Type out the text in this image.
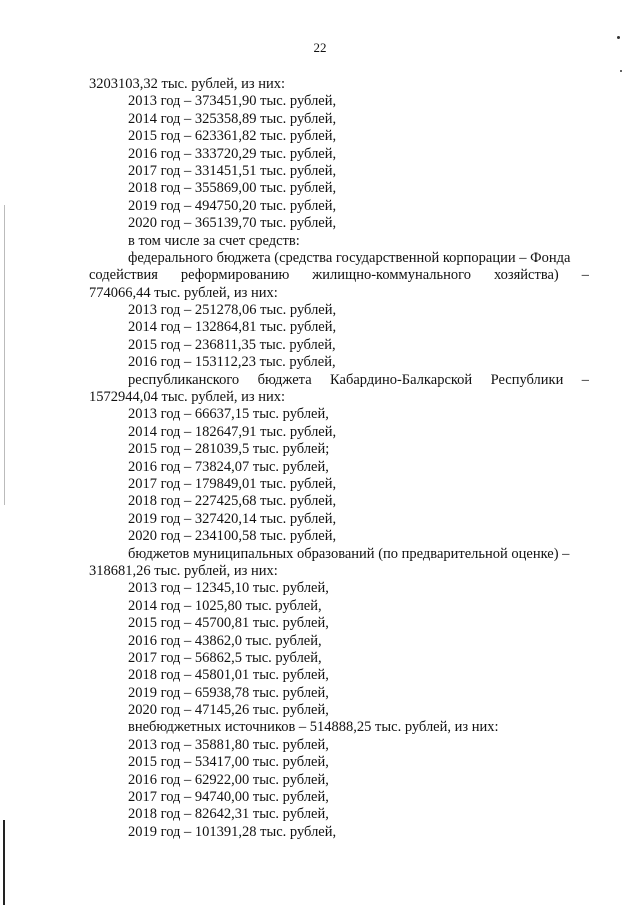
22
3203103,32 тыс. рублей, из них:
2013 год – 373451,90 тыс. рублей,
2014 год – 325358,89 тыс. рублей,
2015 год – 623361,82 тыс. рублей,
2016 год – 333720,29 тыс. рублей,
2017 год – 331451,51 тыс. рублей,
2018 год – 355869,00 тыс. рублей,
2019 год – 494750,20 тыс. рублей,
2020 год – 365139,70 тыс. рублей,
в том числе за счет средств:
федерального бюджета (средства государственной корпорации – Фонда
содействия реформированию жилищно-коммунального хозяйства) –
774066,44 тыс. рублей, из них:
2013 год – 251278,06 тыс. рублей,
2014 год – 132864,81 тыс. рублей,
2015 год – 236811,35 тыс. рублей,
2016 год – 153112,23 тыс. рублей,
республиканского бюджета Кабардино-Балкарской Республики –
1572944,04 тыс. рублей, из них:
2013 год – 66637,15 тыс. рублей,
2014 год – 182647,91 тыс. рублей,
2015 год – 281039,5 тыс. рублей;
2016 год – 73824,07 тыс. рублей,
2017 год – 179849,01 тыс. рублей,
2018 год – 227425,68 тыс. рублей,
2019 год – 327420,14 тыс. рублей,
2020 год – 234100,58 тыс. рублей,
бюджетов муниципальных образований (по предварительной оценке) –
318681,26 тыс. рублей, из них:
2013 год – 12345,10 тыс. рублей,
2014 год – 1025,80 тыс. рублей,
2015 год – 45700,81 тыс. рублей,
2016 год – 43862,0 тыс. рублей,
2017 год – 56862,5 тыс. рублей,
2018 год – 45801,01 тыс. рублей,
2019 год – 65938,78 тыс. рублей,
2020 год – 47145,26 тыс. рублей,
внебюджетных источников – 514888,25 тыс. рублей, из них:
2013 год – 35881,80 тыс. рублей,
2015 год – 53417,00 тыс. рублей,
2016 год – 62922,00 тыс. рублей,
2017 год – 94740,00 тыс. рублей,
2018 год – 82642,31 тыс. рублей,
2019 год – 101391,28 тыс. рублей,
